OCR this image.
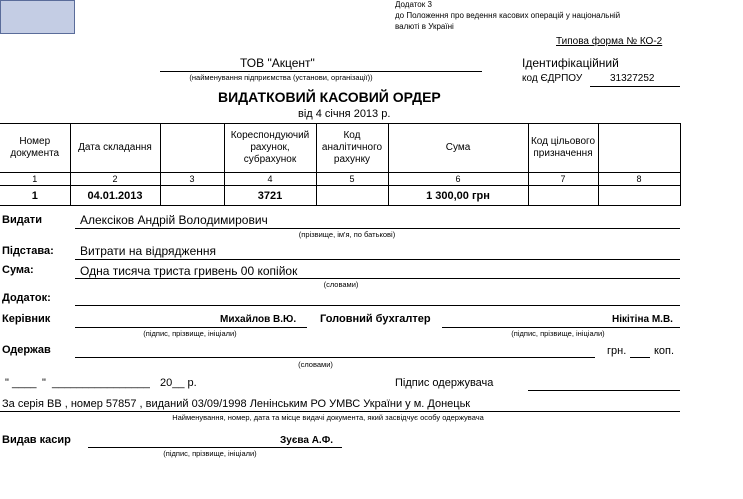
Додаток 3
до Положення про ведення касових операцій у національній
валюті в Україні
Типова форма № КО-2
ТОВ "Акцент"
(найменування підприємства (установи, організації))
Ідентифікаційний
код ЄДРПОУ	31327252
ВИДАТКОВИЙ КАСОВИЙ ОРДЕР
від 4 січня 2013 р.
Номер документа	Дата складання		Кореспондуючий рахунок, субрахунок	Код аналітичного рахунку	Сума	Код цільового призначення	
1	2	3	4	5	6	7	8
1	04.01.2013		3721		1 300,00 грн		
Видати	Алексіков Андрій Володимирович
(прізвище, ім'я, по батькові)
Підстава: Витрати на відрядження
Сума:	Одна тисяча триста гривень 00 копійок
(словами)
Додаток:
Керівник	Михайлов В.Ю.
(підпис, прізвище, ініціали)
Головний бухгалтер	Нікітіна М.В.
(підпис, прізвище, ініціали)
Одержав	грн.	коп.
(словами)
" ____ " ________________ 20__ р.	Підпис одержувача
За серія ВВ , номер 57857 , виданий 03/09/1998 Ленінським РО УМВС України у м. Донецьк
Найменування, номер, дата та місце видачі документа, який засвідчує особу одержувача
Видав касир	Зуєва А.Ф.
(підпис, прізвище, ініціали)
